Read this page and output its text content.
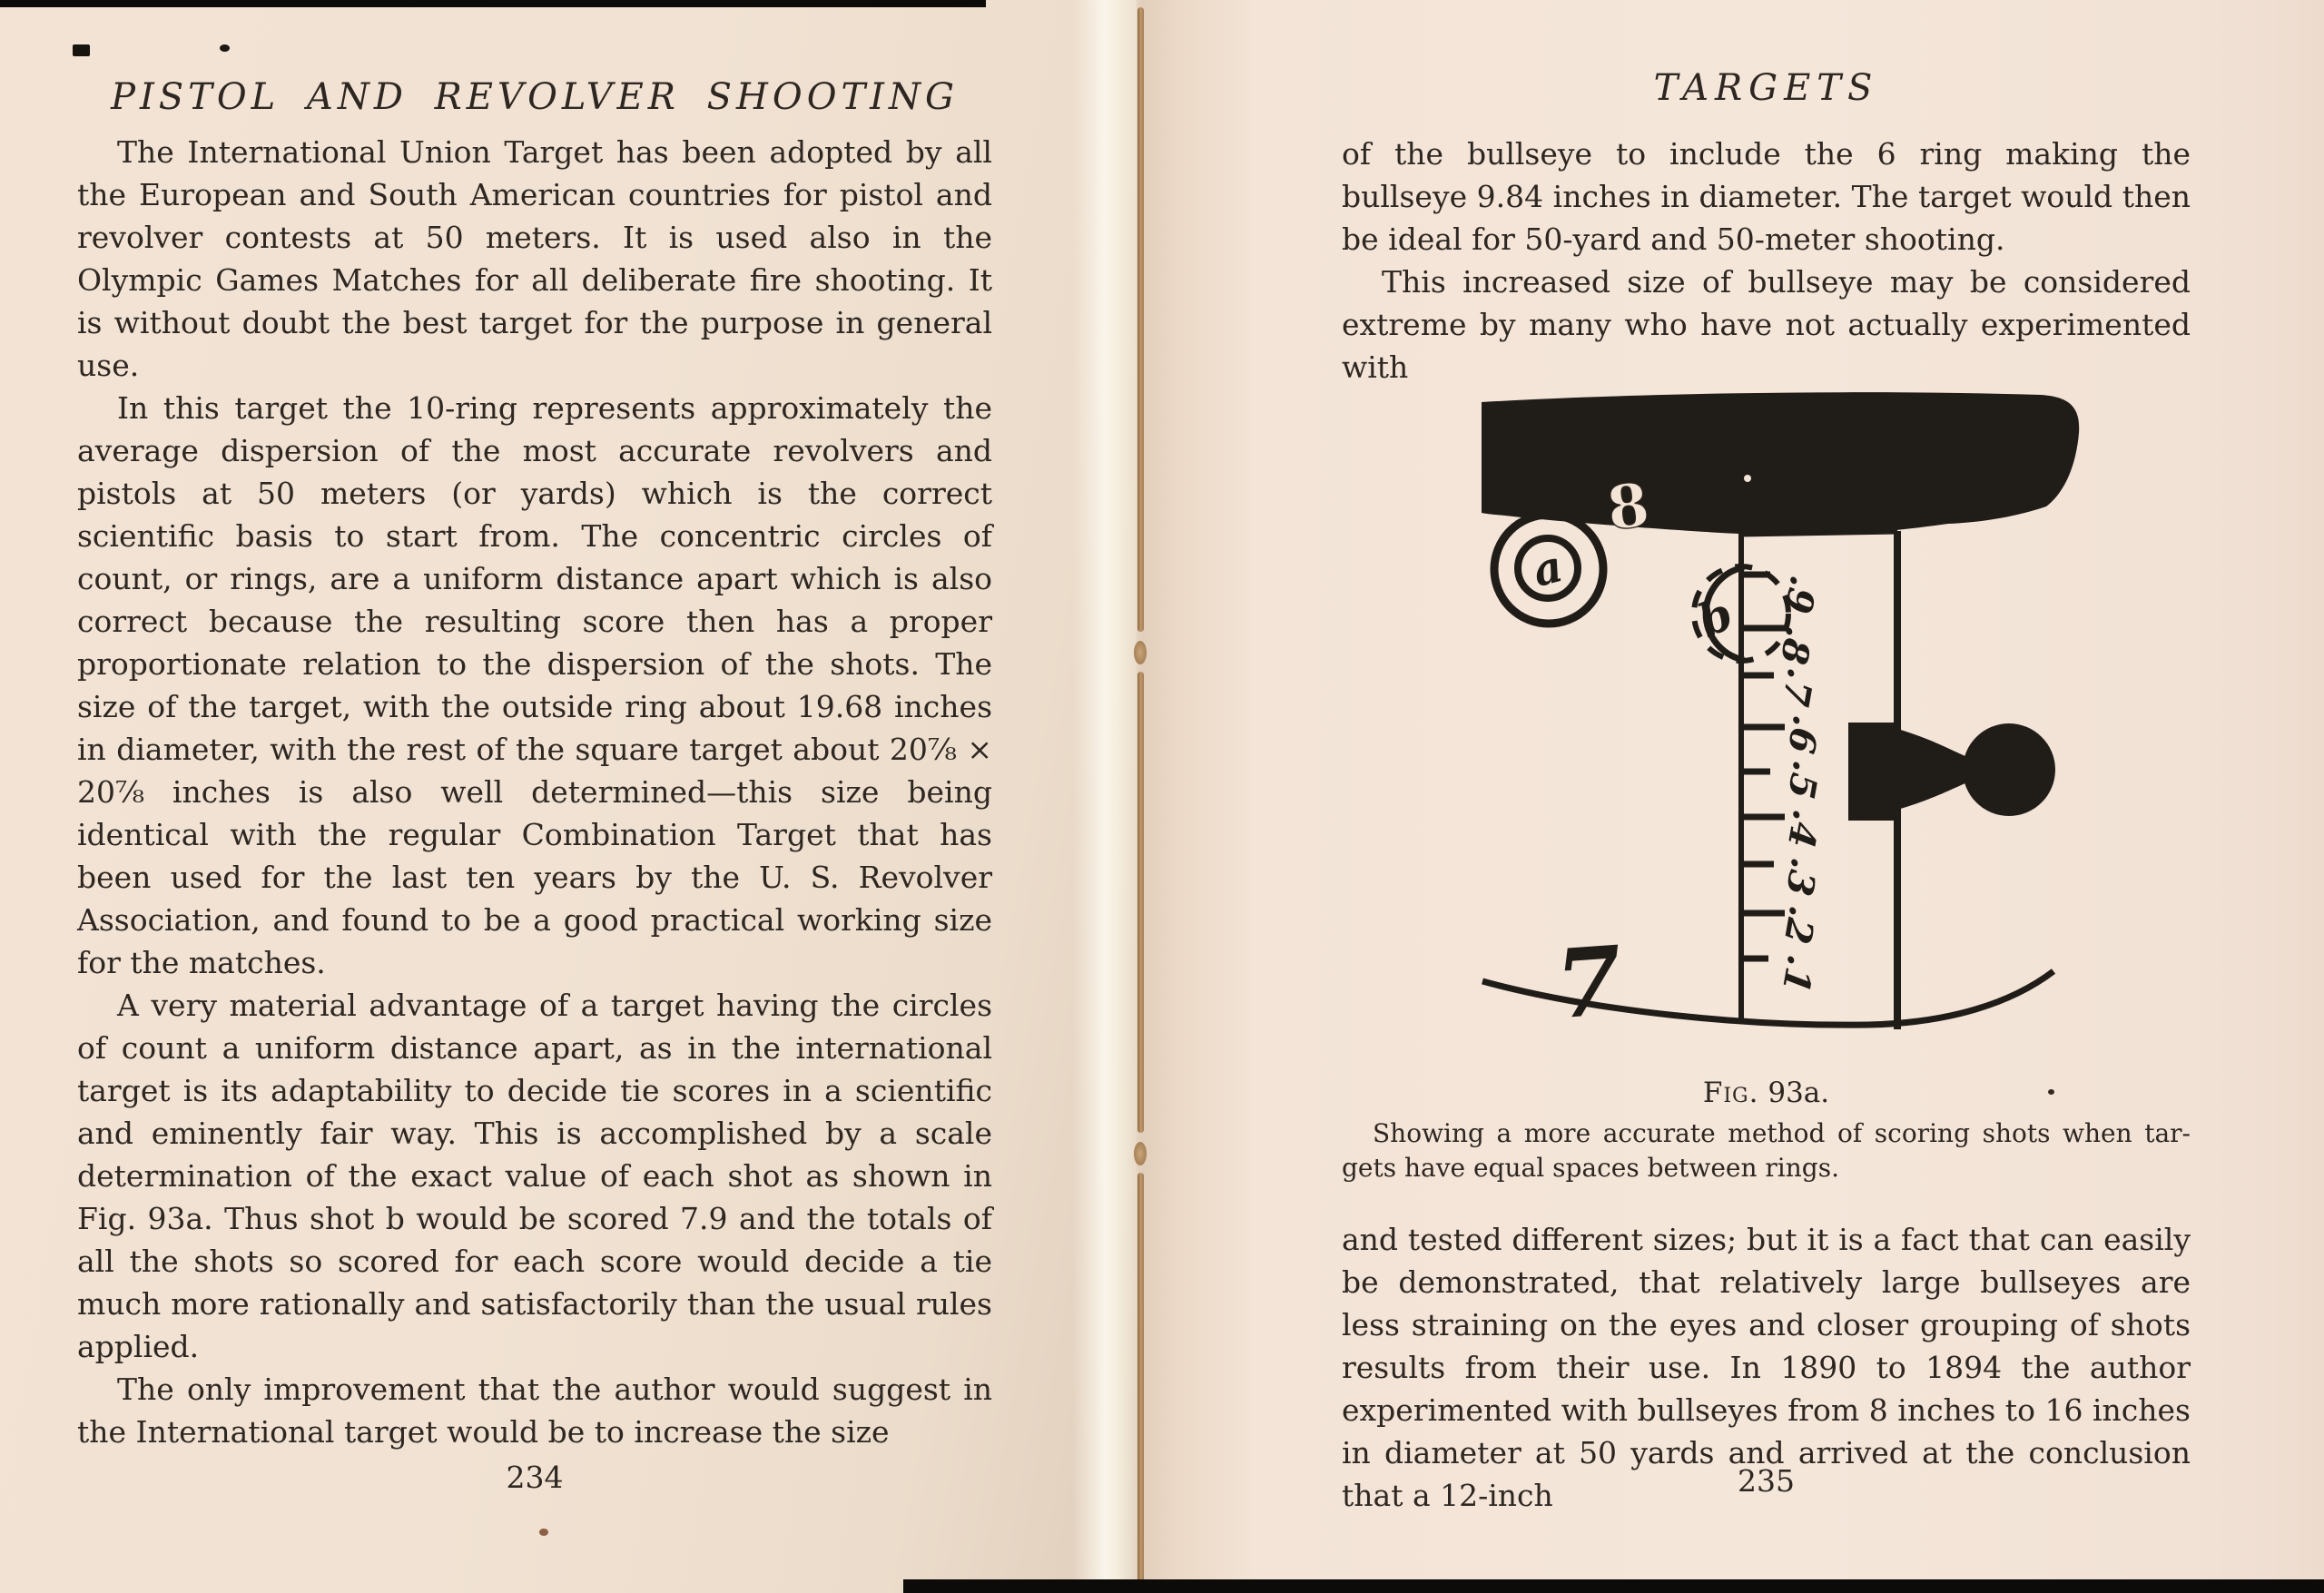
PISTOL AND REVOLVER SHOOTING

The International Union Target has been adopted by all the European and South American countries for pistol and revolver contests at 50 meters. It is used also in the Olympic Games Matches for all deliberate fire shooting. It is without doubt the best target for the purpose in general use.

In this target the 10-ring represents approximately the average dispersion of the most accurate revolvers and pistols at 50 meters (or yards) which is the correct scientific basis to start from. The concentric circles of count, or rings, are a uniform distance apart which is also correct because the resulting score then has a proper proportionate relation to the dispersion of the shots. The size of the target, with the outside ring about 19.68 inches in diameter, with the rest of the square target about 20⅞ × 20⅞ inches is also well determined—this size being identical with the regular Combination Target that has been used for the last ten years by the U. S. Revolver Association, and found to be a good practical working size for the matches.

A very material advantage of a target having the circles of count a uniform distance apart, as in the international target is its adaptability to decide tie scores in a scientific and eminently fair way. This is accomplished by a scale determination of the exact value of each shot as shown in Fig. 93a. Thus shot b would be scored 7.9 and the totals of all the shots so scored for each score would decide a tie much more rationally and satisfactorily than the usual rules applied.

The only improvement that the author would suggest in the International target would be to increase the size

234
TARGETS

of the bullseye to include the 6 ring making the bullseye 9.84 inches in diameter. The target would then be ideal for 50-yard and 50-meter shooting.

This increased size of bullseye may be considered extreme by many who have not actually experimented with

8
a	.9
.8
.7
.6
.5
.4
.3
.2
.1
b
7
Fig. 93a.
Showing a more accurate method of scoring shots when tar-
gets have equal spaces between rings.

and tested different sizes; but it is a fact that can easily be demonstrated, that relatively large bullseyes are less straining on the eyes and closer grouping of shots results from their use. In 1890 to 1894 the author experimented with bullseyes from 8 inches to 16 inches in diameter at 50 yards and arrived at the conclusion that a 12-inch	235
